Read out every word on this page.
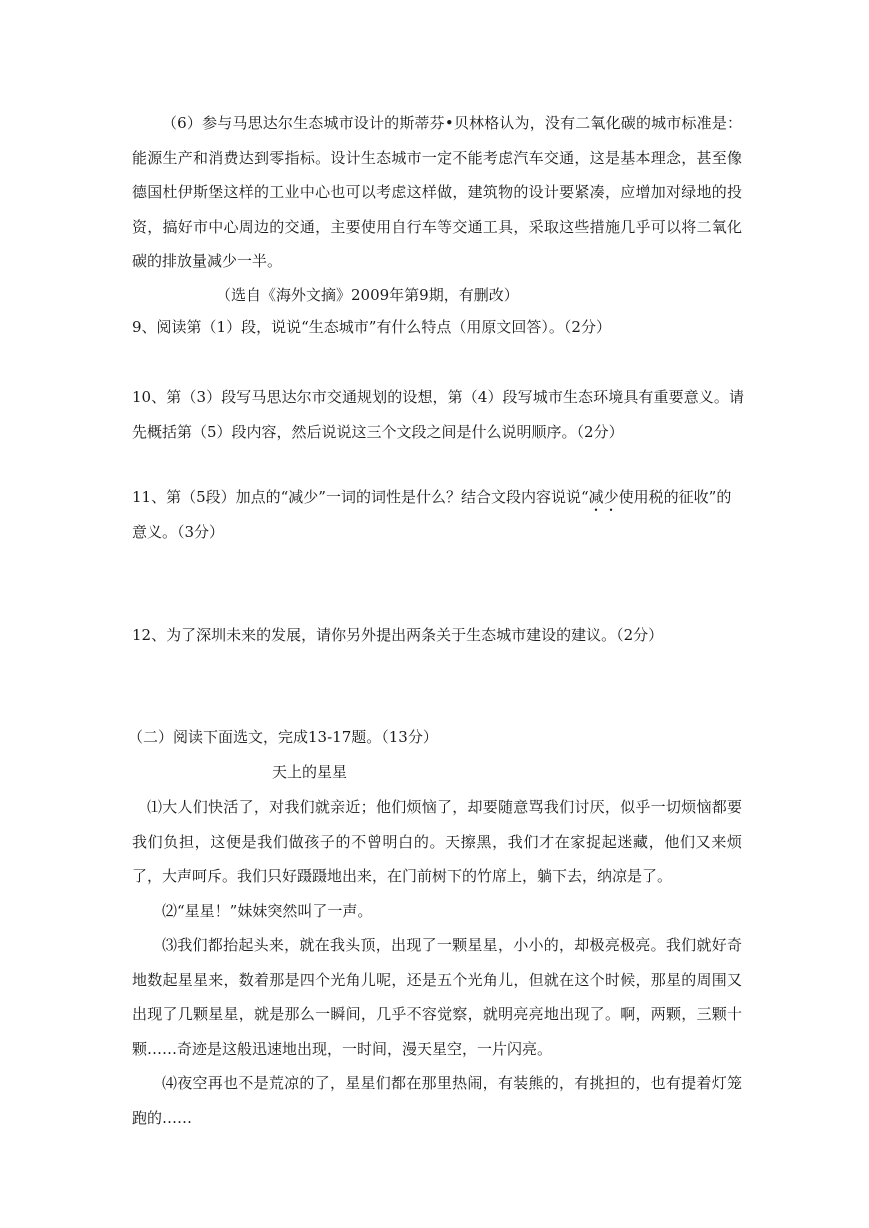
（6）参与马思达尔生态城市设计的斯蒂芬•贝林格认为，没有二氧化碳的城市标准是：能源生产和消费达到零指标。设计生态城市一定不能考虑汽车交通，这是基本理念，甚至像德国杜伊斯堡这样的工业中心也可以考虑这样做，建筑物的设计要紧凑，应增加对绿地的投资，搞好市中心周边的交通，主要使用自行车等交通工具，采取这些措施几乎可以将二氧化碳的排放量减少一半。

（选自《海外文摘》2009年第9期，有删改）

9、阅读第（1）段，说说“生态城市”有什么特点（用原文回答）。（2分）

10、第（3）段写马思达尔市交通规划的设想，第（4）段写城市生态环境具有重要意义。请先概括第（5）段内容，然后说说这三个文段之间是什么说明顺序。（2分）

11、第（5段）加点的“减少”一词的词性是什么？结合文段内容说说“减少使用税的征收”的意义。（3分）

12、为了深圳未来的发展，请你另外提出两条关于生态城市建设的建议。（2分）

（二）阅读下面选文，完成13-17题。（13分）

天上的星星

⑴大人们快活了，对我们就亲近；他们烦恼了，却要随意骂我们讨厌，似乎一切烦恼都要我们负担，这便是我们做孩子的不曾明白的。天擦黑，我们才在家捉起迷藏，他们又来烦了，大声呵斥。我们只好蹑蹑地出来，在门前树下的竹席上，躺下去，纳凉是了。

⑵“星星！”妹妹突然叫了一声。

⑶我们都抬起头来，就在我头顶，出现了一颗星星，小小的，却极亮极亮。我们就好奇地数起星星来，数着那是四个光角儿呢，还是五个光角儿，但就在这个时候，那星的周围又出现了几颗星星，就是那么一瞬间，几乎不容觉察，就明亮亮地出现了。啊，两颗，三颗十颗……奇迹是这般迅速地出现，一时间，漫天星空，一片闪亮。

⑷夜空再也不是荒凉的了，星星们都在那里热闹，有装熊的，有挑担的，也有提着灯笼跑的……
